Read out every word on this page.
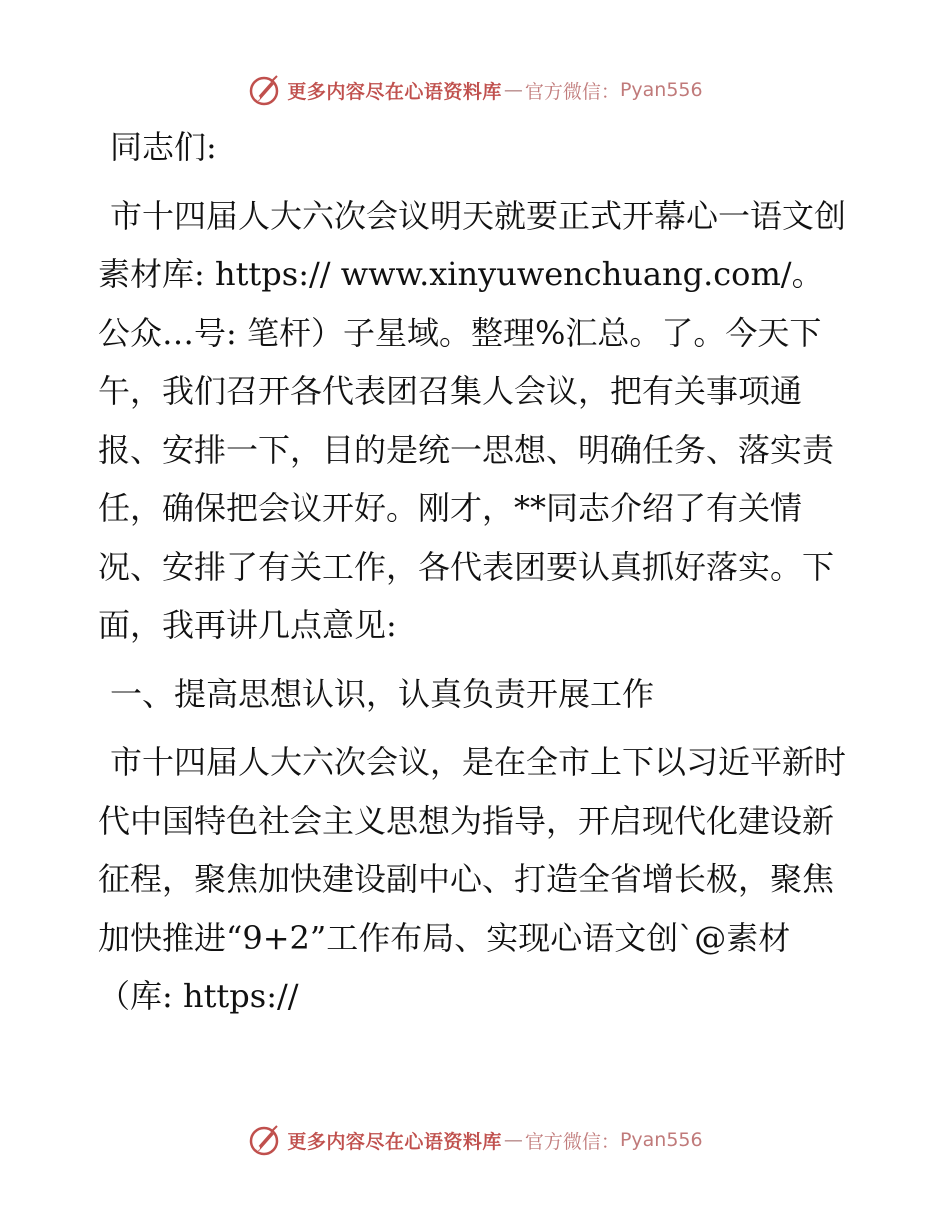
更多内容尽在心语资料库 — 官方微信： Pyan556

同志们:

市十四届人大六次会议明天就要正式开幕心一语文创素材库: https:// www.xinyuwenchuang.com/。公众…号: 笔杆）子星域。整理%汇总。了。今天下午，我们召开各代表团召集人会议，把有关事项通报、安排一下，目的是统一思想、明确任务、落实责任，确保把会议开好。刚才，**同志介绍了有关情况、安排了有关工作，各代表团要认真抓好落实。下面，我再讲几点意见:

一、提高思想认识，认真负责开展工作

市十四届人大六次会议，是在全市上下以习近平新时代中国特色社会主义思想为指导，开启现代化建设新征程，聚焦加快建设副中心、打造全省增长极，聚焦加快推进“9+2”工作布局、实现心语文创`@素材（库: https://

更多内容尽在心语资料库 — 官方微信： Pyan556
